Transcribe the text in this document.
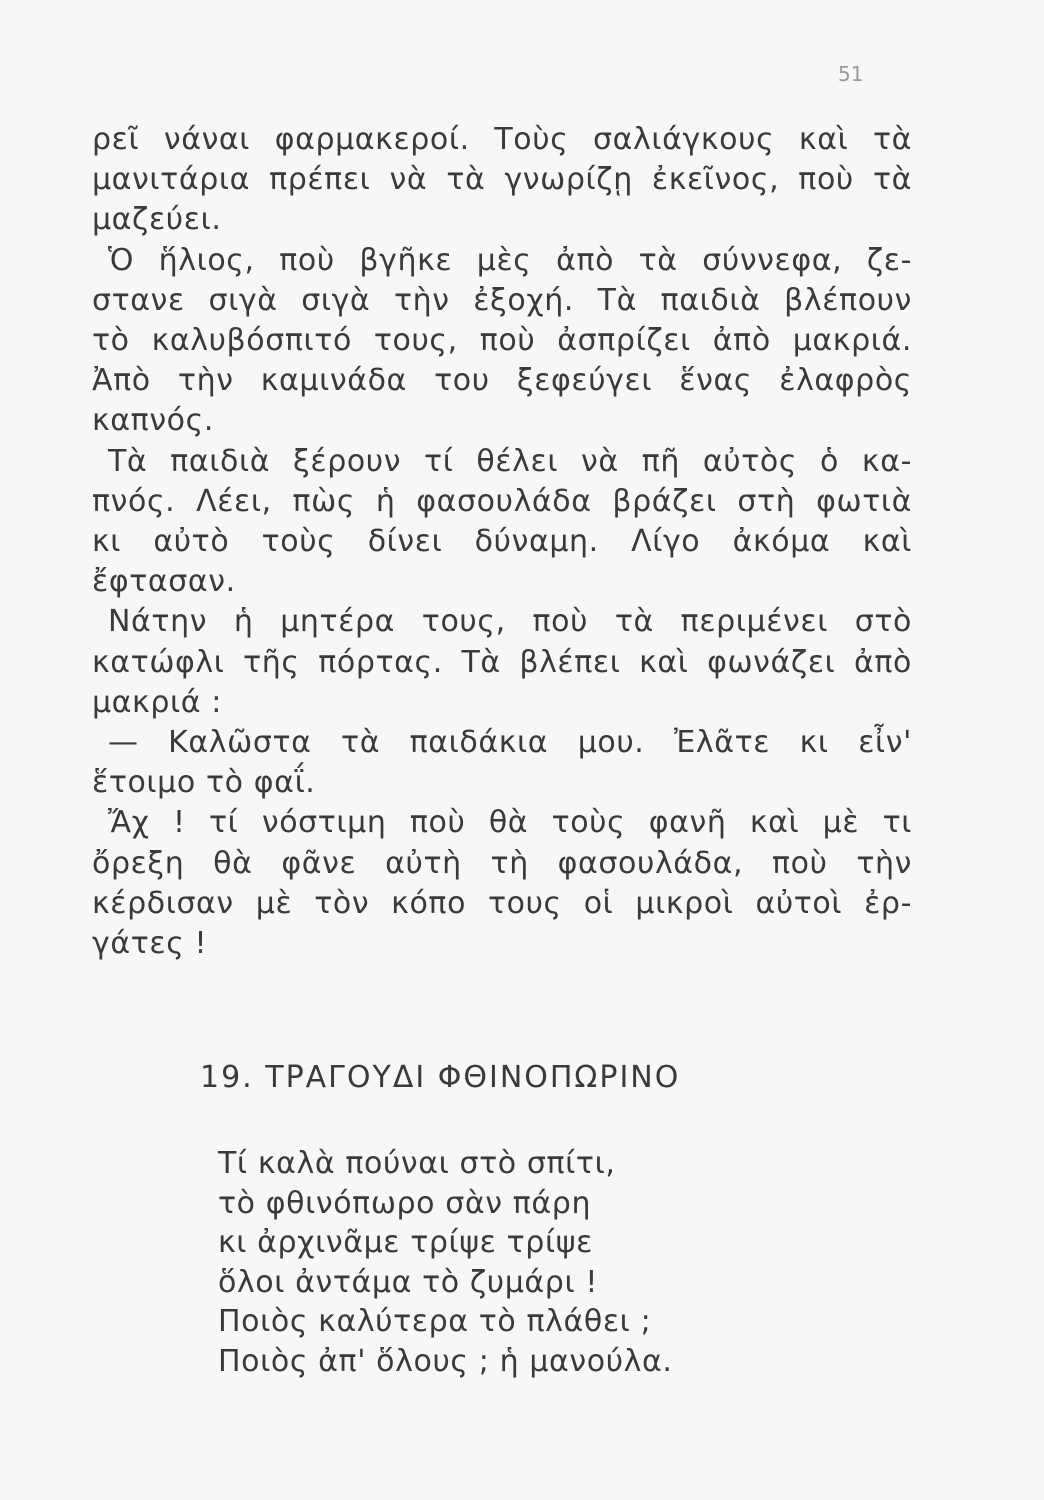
51

ρεῖ νάναι φαρμακεροί. Τοὺς σαλιάγκους καὶ τὰ
μανιτάρια πρέπει νὰ τὰ γνωρίζῃ ἐκεῖνος, ποὺ τὰ
μαζεύει.

Ὁ ἥλιος, ποὺ βγῆκε μὲς ἀπὸ τὰ σύννεφα, ζε-
στανε σιγὰ σιγὰ τὴν ἐξοχή. Τὰ παιδιὰ βλέπουν
τὸ καλυβόσπιτό τους, ποὺ ἀσπρίζει ἀπὸ μακριά.
Ἀπὸ τὴν καμινάδα του ξεφεύγει ἕνας ἐλαφρὸς
καπνός.

Τὰ παιδιὰ ξέρουν τί θέλει νὰ πῆ αὐτὸς ὁ κα-
πνός. Λέει, πὼς ἡ φασουλάδα βράζει στὴ φωτιὰ
κι αὐτὸ τοὺς δίνει δύναμη. Λίγο ἀκόμα καὶ
ἔφτασαν.

Νάτην ἡ μητέρα τους, ποὺ τὰ περιμένει στὸ
κατώφλι τῆς πόρτας. Τὰ βλέπει καὶ φωνάζει ἀπὸ
μακριά :

— Καλῶστα τὰ παιδάκια μου. Ἐλᾶτε κι εἶν'
ἕτοιμο τὸ φαΐ.

Ἄχ ! τί νόστιμη ποὺ θὰ τοὺς φανῆ καὶ μὲ τι
ὄρεξη θὰ φᾶνε αὐτὴ τὴ φασουλάδα, ποὺ τὴν
κέρδισαν μὲ τὸν κόπο τους οἱ μικροὶ αὐτοὶ ἐρ-
γάτες !

19. ΤΡΑΓΟΥΔΙ ΦΘΙΝΟΠΩΡΙΝΟ
Τί καλὰ πούναι στὸ σπίτι,
τὸ φθινόπωρο σὰν πάρη
κι ἀρχινᾶμε τρίψε τρίψε
ὅλοι ἀντάμα τὸ ζυμάρι !
Ποιὸς καλύτερα τὸ πλάθει ;
Ποιὸς ἀπ' ὅλους ; ἡ μανούλα.
